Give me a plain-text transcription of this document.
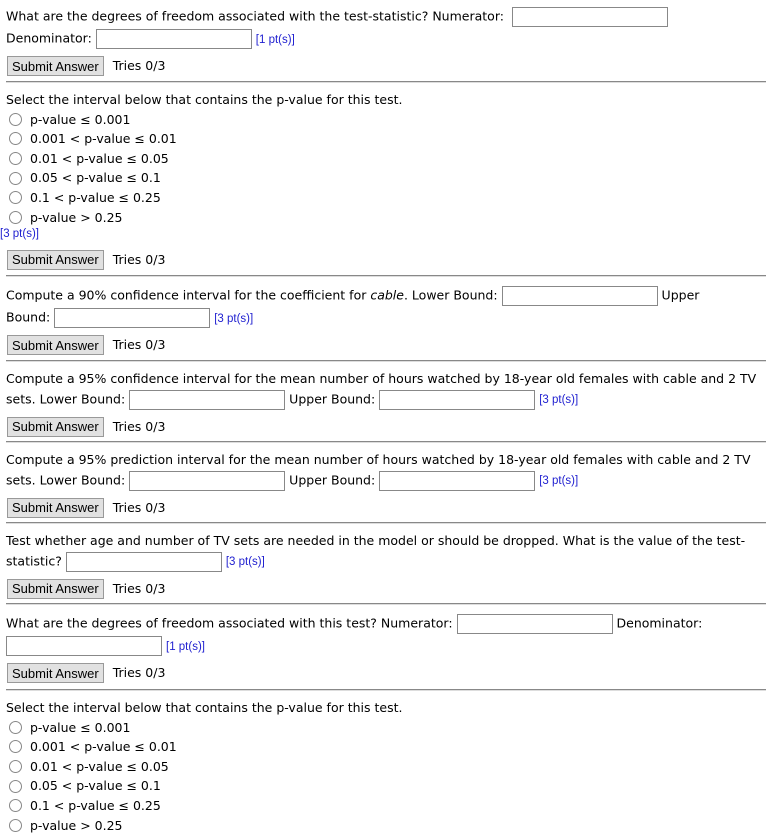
What are the degrees of freedom associated with the test-statistic? Numerator:
Denominator:	[1 pt(s)]
Submit Answer	Tries 0/3
Select the interval below that contains the p-value for this test.
p-value ≤ 0.001
0.001 < p-value ≤ 0.01
0.01 < p-value ≤ 0.05
0.05 < p-value ≤ 0.1
0.1 < p-value ≤ 0.25
p-value > 0.25
[3 pt(s)]
Submit Answer	Tries 0/3
Compute a 90% confidence interval for the coefficient for cable. Lower Bound:	Upper
Bound:	[3 pt(s)]
Submit Answer	Tries 0/3
Compute a 95% confidence interval for the mean number of hours watched by 18-year old females with cable and 2 TV sets. Lower Bound:	Upper Bound:	[3 pt(s)]
Submit Answer	Tries 0/3
Compute a 95% prediction interval for the mean number of hours watched by 18-year old females with cable and 2 TV sets. Lower Bound:	Upper Bound:	[3 pt(s)]
Submit Answer	Tries 0/3
Test whether age and number of TV sets are needed in the model or should be dropped. What is the value of the test-statistic?	[3 pt(s)]
Submit Answer	Tries 0/3
What are the degrees of freedom associated with this test? Numerator:	Denominator:
[1 pt(s)]
Submit Answer	Tries 0/3
Select the interval below that contains the p-value for this test.
p-value ≤ 0.001
0.001 < p-value ≤ 0.01
0.01 < p-value ≤ 0.05
0.05 < p-value ≤ 0.1
0.1 < p-value ≤ 0.25
p-value > 0.25
